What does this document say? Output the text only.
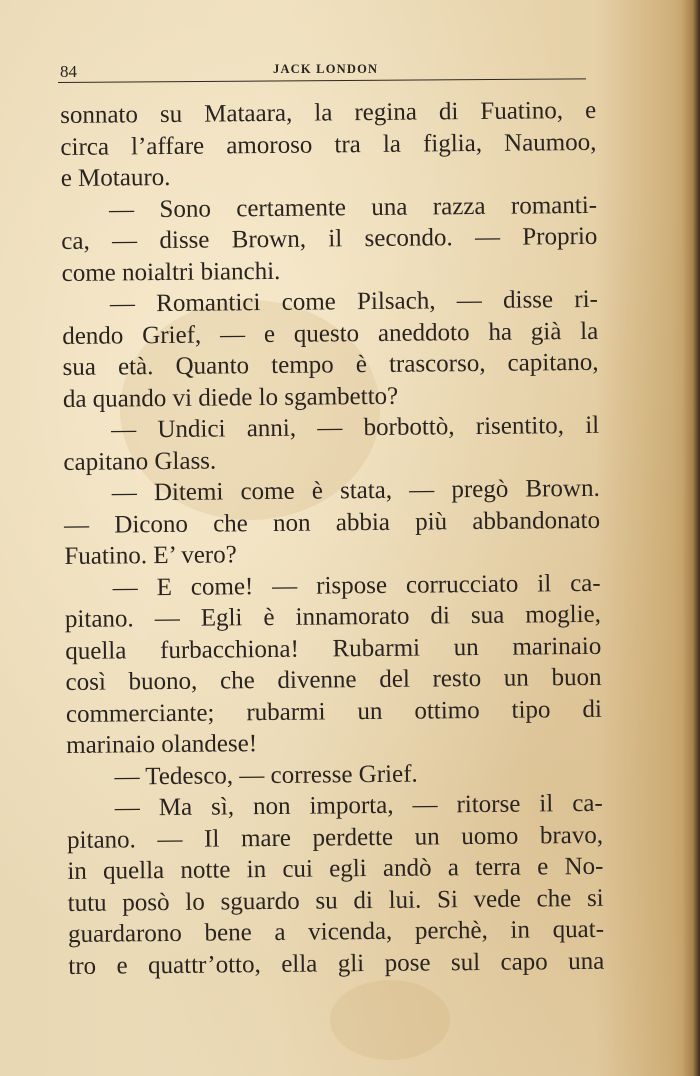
84	JACK LONDON
sonnato su Mataara, la regina di Fuatino, e
circa l’affare amoroso tra la figlia, Naumoo,
e Motauro.
— Sono certamente una razza romanti-
ca, — disse Brown, il secondo. — Proprio
come noialtri bianchi.
— Romantici come Pilsach, — disse ri-
dendo Grief, — e questo aneddoto ha già la
sua età. Quanto tempo è trascorso, capitano,
da quando vi diede lo sgambetto?
— Undici anni, — borbottò, risentito, il
capitano Glass.
— Ditemi come è stata, — pregò Brown.
— Dicono che non abbia più abbandonato
Fuatino. E’ vero?
— E come! — rispose corrucciato il ca-
pitano. — Egli è innamorato di sua moglie,
quella furbacchiona! Rubarmi un marinaio
così buono, che divenne del resto un buon
commerciante; rubarmi un ottimo tipo di
marinaio olandese!
— Tedesco, — corresse Grief.
— Ma sì, non importa, — ritorse il ca-
pitano. — Il mare perdette un uomo bravo,
in quella notte in cui egli andò a terra e No-
tutu posò lo sguardo su di lui. Si vede che si
guardarono bene a vicenda, perchè, in quat-
tro e quattr’otto, ella gli pose sul capo una
